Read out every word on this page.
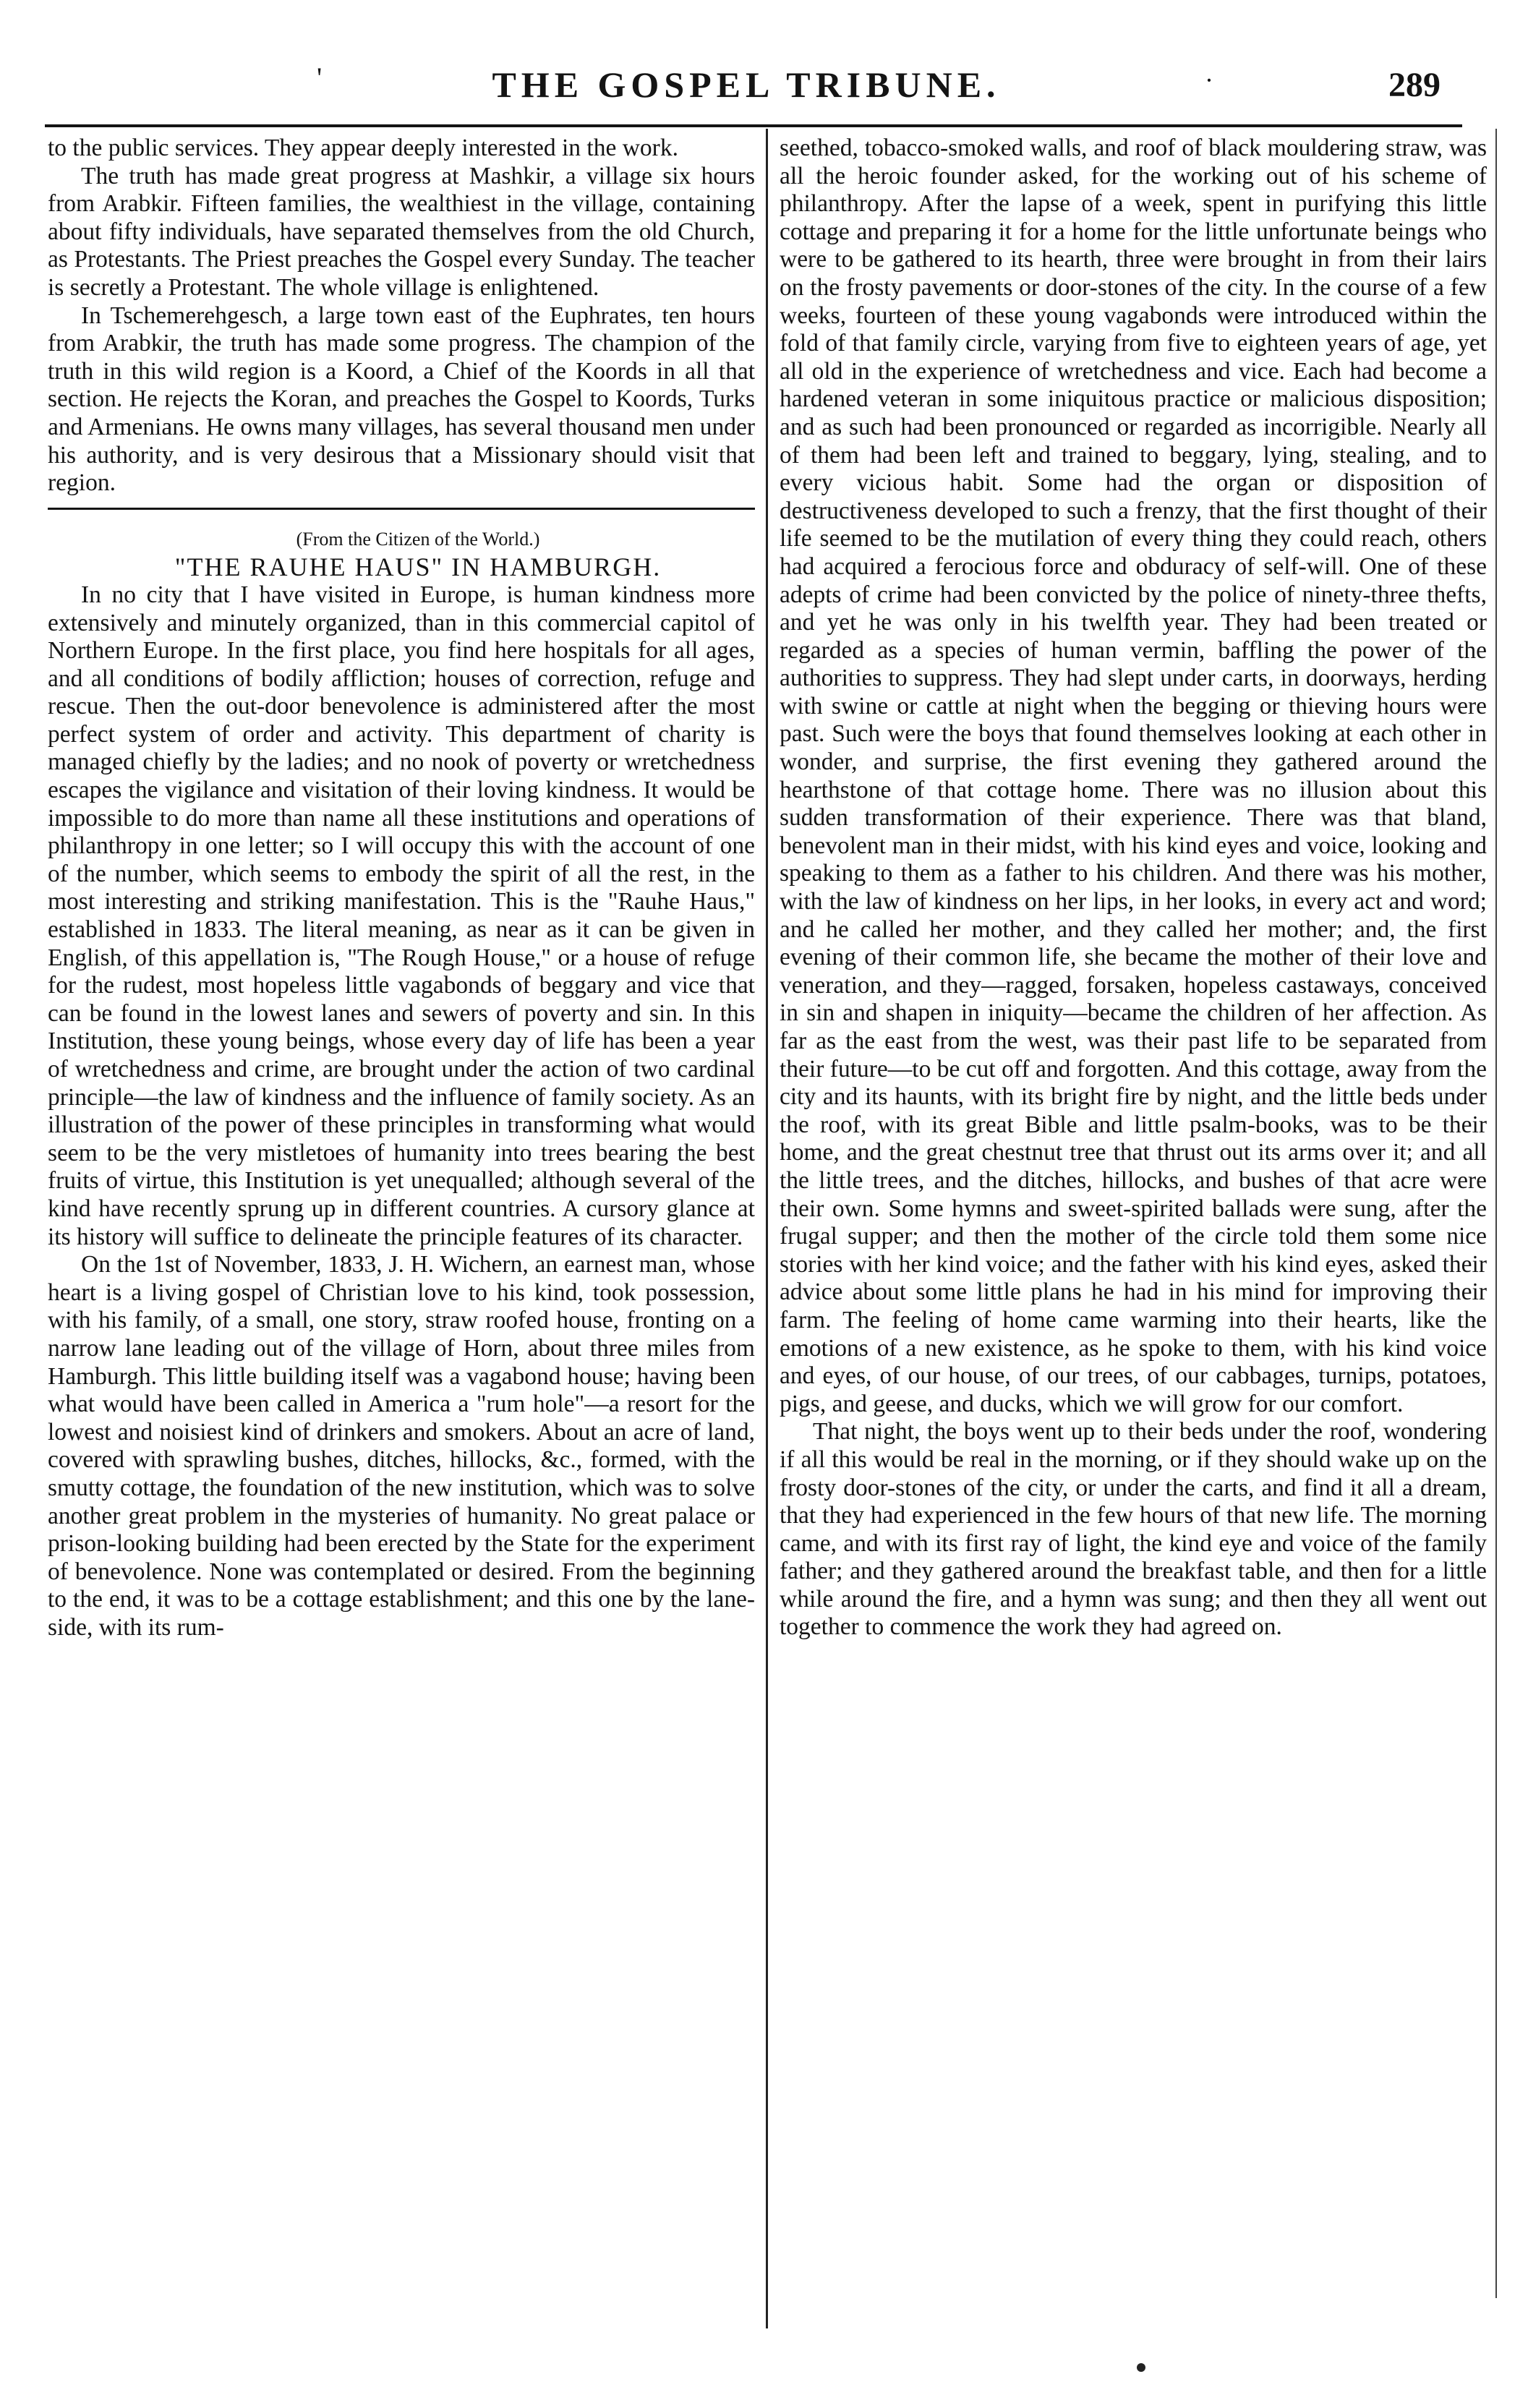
'	THE GOSPEL TRIBUNE.	·	289

to the public services. They appear deeply interested in the work.

The truth has made great progress at Mashkir, a village six hours from Arabkir. Fifteen families, the wealthiest in the village, containing about fifty individuals, have separated themselves from the old Church, as Protestants. The Priest preaches the Gospel every Sunday. The teacher is secretly a Protestant. The whole village is enlightened.

In Tschemerehgesch, a large town east of the Euphrates, ten hours from Arabkir, the truth has made some progress. The champion of the truth in this wild region is a Koord, a Chief of the Koords in all that section. He rejects the Koran, and preaches the Gospel to Koords, Turks and Armenians. He owns many villages, has several thousand men under his authority, and is very desirous that a Missionary should visit that region.

(From the Citizen of the World.)

"THE RAUHE HAUS" IN HAMBURGH.

In no city that I have visited in Europe, is human kindness more extensively and minutely organized, than in this commercial capitol of Northern Europe. In the first place, you find here hospitals for all ages, and all conditions of bodily affliction; houses of correction, refuge and rescue. Then the out-door benevolence is administered after the most perfect system of order and activity. This department of charity is managed chiefly by the ladies; and no nook of poverty or wretchedness escapes the vigilance and visitation of their loving kindness. It would be impossible to do more than name all these institutions and operations of philanthropy in one letter; so I will occupy this with the account of one of the number, which seems to embody the spirit of all the rest, in the most interesting and striking manifestation. This is the "Rauhe Haus," established in 1833. The literal meaning, as near as it can be given in English, of this appellation is, "The Rough House," or a house of refuge for the rudest, most hopeless little vagabonds of beggary and vice that can be found in the lowest lanes and sewers of poverty and sin. In this Institution, these young beings, whose every day of life has been a year of wretchedness and crime, are brought under the action of two cardinal principle—the law of kindness and the influence of family society. As an illustration of the power of these principles in transforming what would seem to be the very mistletoes of humanity into trees bearing the best fruits of virtue, this Institution is yet unequalled; although several of the kind have recently sprung up in different countries. A cursory glance at its history will suffice to delineate the principle features of its character.

On the 1st of November, 1833, J. H. Wichern, an earnest man, whose heart is a living gospel of Christian love to his kind, took possession, with his family, of a small, one story, straw roofed house, fronting on a narrow lane leading out of the village of Horn, about three miles from Hamburgh. This little building itself was a vagabond house; having been what would have been called in America a "rum hole"—a resort for the lowest and noisiest kind of drinkers and smokers. About an acre of land, covered with sprawling bushes, ditches, hillocks, &c., formed, with the smutty cottage, the foundation of the new institution, which was to solve another great problem in the mysteries of humanity. No great palace or prison-looking building had been erected by the State for the experiment of benevolence. None was contemplated or desired. From the beginning to the end, it was to be a cottage establishment; and this one by the lane-side, with its rum-

seethed, tobacco-smoked walls, and roof of black mouldering straw, was all the heroic founder asked, for the working out of his scheme of philanthropy. After the lapse of a week, spent in purifying this little cottage and preparing it for a home for the little unfortunate beings who were to be gathered to its hearth, three were brought in from their lairs on the frosty pavements or door-stones of the city. In the course of a few weeks, fourteen of these young vagabonds were introduced within the fold of that family circle, varying from five to eighteen years of age, yet all old in the experience of wretchedness and vice. Each had become a hardened veteran in some iniquitous practice or malicious disposition; and as such had been pronounced or regarded as incorrigible. Nearly all of them had been left and trained to beggary, lying, stealing, and to every vicious habit. Some had the organ or disposition of destructiveness developed to such a frenzy, that the first thought of their life seemed to be the mutilation of every thing they could reach, others had acquired a ferocious force and obduracy of self-will. One of these adepts of crime had been convicted by the police of ninety-three thefts, and yet he was only in his twelfth year. They had been treated or regarded as a species of human vermin, baffling the power of the authorities to suppress. They had slept under carts, in doorways, herding with swine or cattle at night when the begging or thieving hours were past. Such were the boys that found themselves looking at each other in wonder, and surprise, the first evening they gathered around the hearthstone of that cottage home. There was no illusion about this sudden transformation of their experience. There was that bland, benevolent man in their midst, with his kind eyes and voice, looking and speaking to them as a father to his children. And there was his mother, with the law of kindness on her lips, in her looks, in every act and word; and he called her mother, and they called her mother; and, the first evening of their common life, she became the mother of their love and veneration, and they—ragged, forsaken, hopeless castaways, conceived in sin and shapen in iniquity—became the children of her affection. As far as the east from the west, was their past life to be separated from their future—to be cut off and forgotten. And this cottage, away from the city and its haunts, with its bright fire by night, and the little beds under the roof, with its great Bible and little psalm-books, was to be their home, and the great chestnut tree that thrust out its arms over it; and all the little trees, and the ditches, hillocks, and bushes of that acre were their own. Some hymns and sweet-spirited ballads were sung, after the frugal supper; and then the mother of the circle told them some nice stories with her kind voice; and the father with his kind eyes, asked their advice about some little plans he had in his mind for improving their farm. The feeling of home came warming into their hearts, like the emotions of a new existence, as he spoke to them, with his kind voice and eyes, of our house, of our trees, of our cabbages, turnips, potatoes, pigs, and geese, and ducks, which we will grow for our comfort.

That night, the boys went up to their beds under the roof, wondering if all this would be real in the morning, or if they should wake up on the frosty door-stones of the city, or under the carts, and find it all a dream, that they had experienced in the few hours of that new life. The morning came, and with its first ray of light, the kind eye and voice of the family father; and they gathered around the breakfast table, and then for a little while around the fire, and a hymn was sung; and then they all went out together to commence the work they had agreed on.
